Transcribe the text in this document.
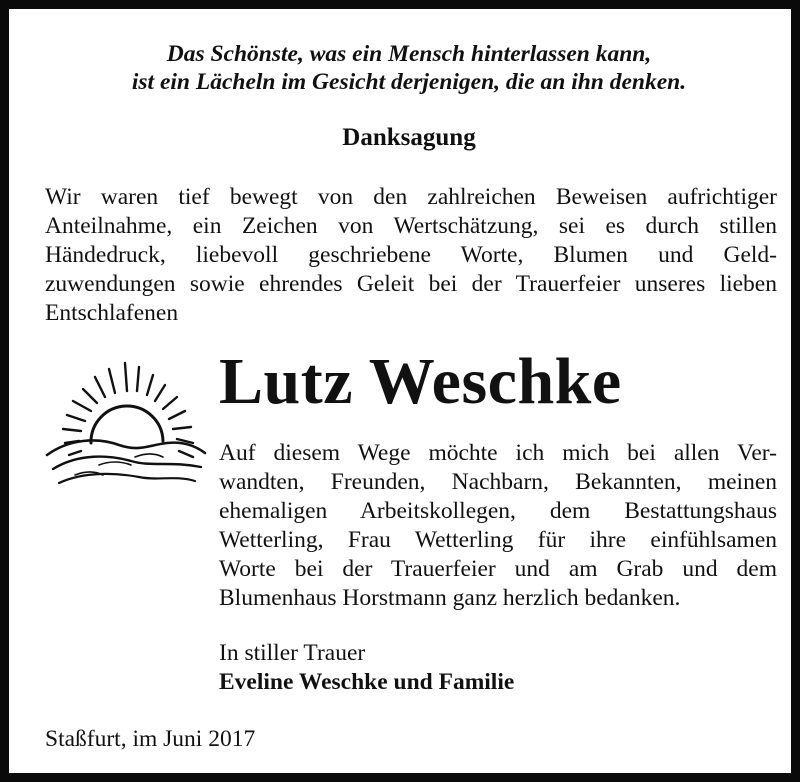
Das Schönste, was ein Mensch hinterlassen kann,
ist ein Lächeln im Gesicht derjenigen, die an ihn denken.
Danksagung
Wir waren tief bewegt von den zahlreichen Beweisen aufrichtiger
Anteilnahme, ein Zeichen von Wertschätzung, sei es durch stillen
Händedruck, liebevoll geschriebene Worte, Blumen und Geld-
zuwendungen sowie ehrendes Geleit bei der Trauerfeier unseres lieben
Entschlafenen
Lutz Weschke
Auf diesem Wege möchte ich mich bei allen Ver-
wandten, Freunden, Nachbarn, Bekannten, meinen
ehemaligen Arbeitskollegen, dem Bestattungshaus
Wetterling, Frau Wetterling für ihre einfühlsamen
Worte bei der Trauerfeier und am Grab und dem
Blumenhaus Horstmann ganz herzlich bedanken.
In stiller Trauer
Eveline Weschke und Familie
Staßfurt, im Juni 2017
